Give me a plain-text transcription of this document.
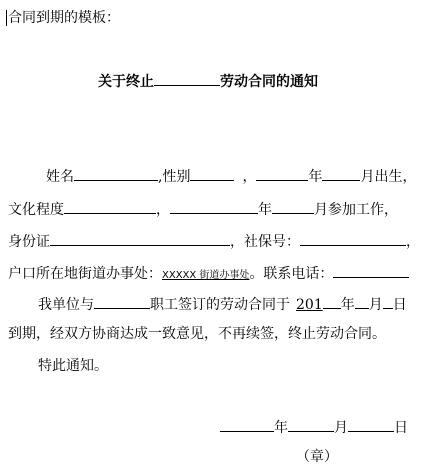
合同到期的模板：
关于终止	劳动合同的通知
姓名	,性别	，	年	月出生，
文化程度	，	年	月参加工作，
身份证	，社保号：	，
户口所在地街道办事处：XXXXX 街道办事处。联系电话：
我单位与	职工签订的劳动合同于 201 年 月 日
到期，经双方协商达成一致意见，不再续签，终止劳动合同。
特此通知。
年	月	日
（章）
